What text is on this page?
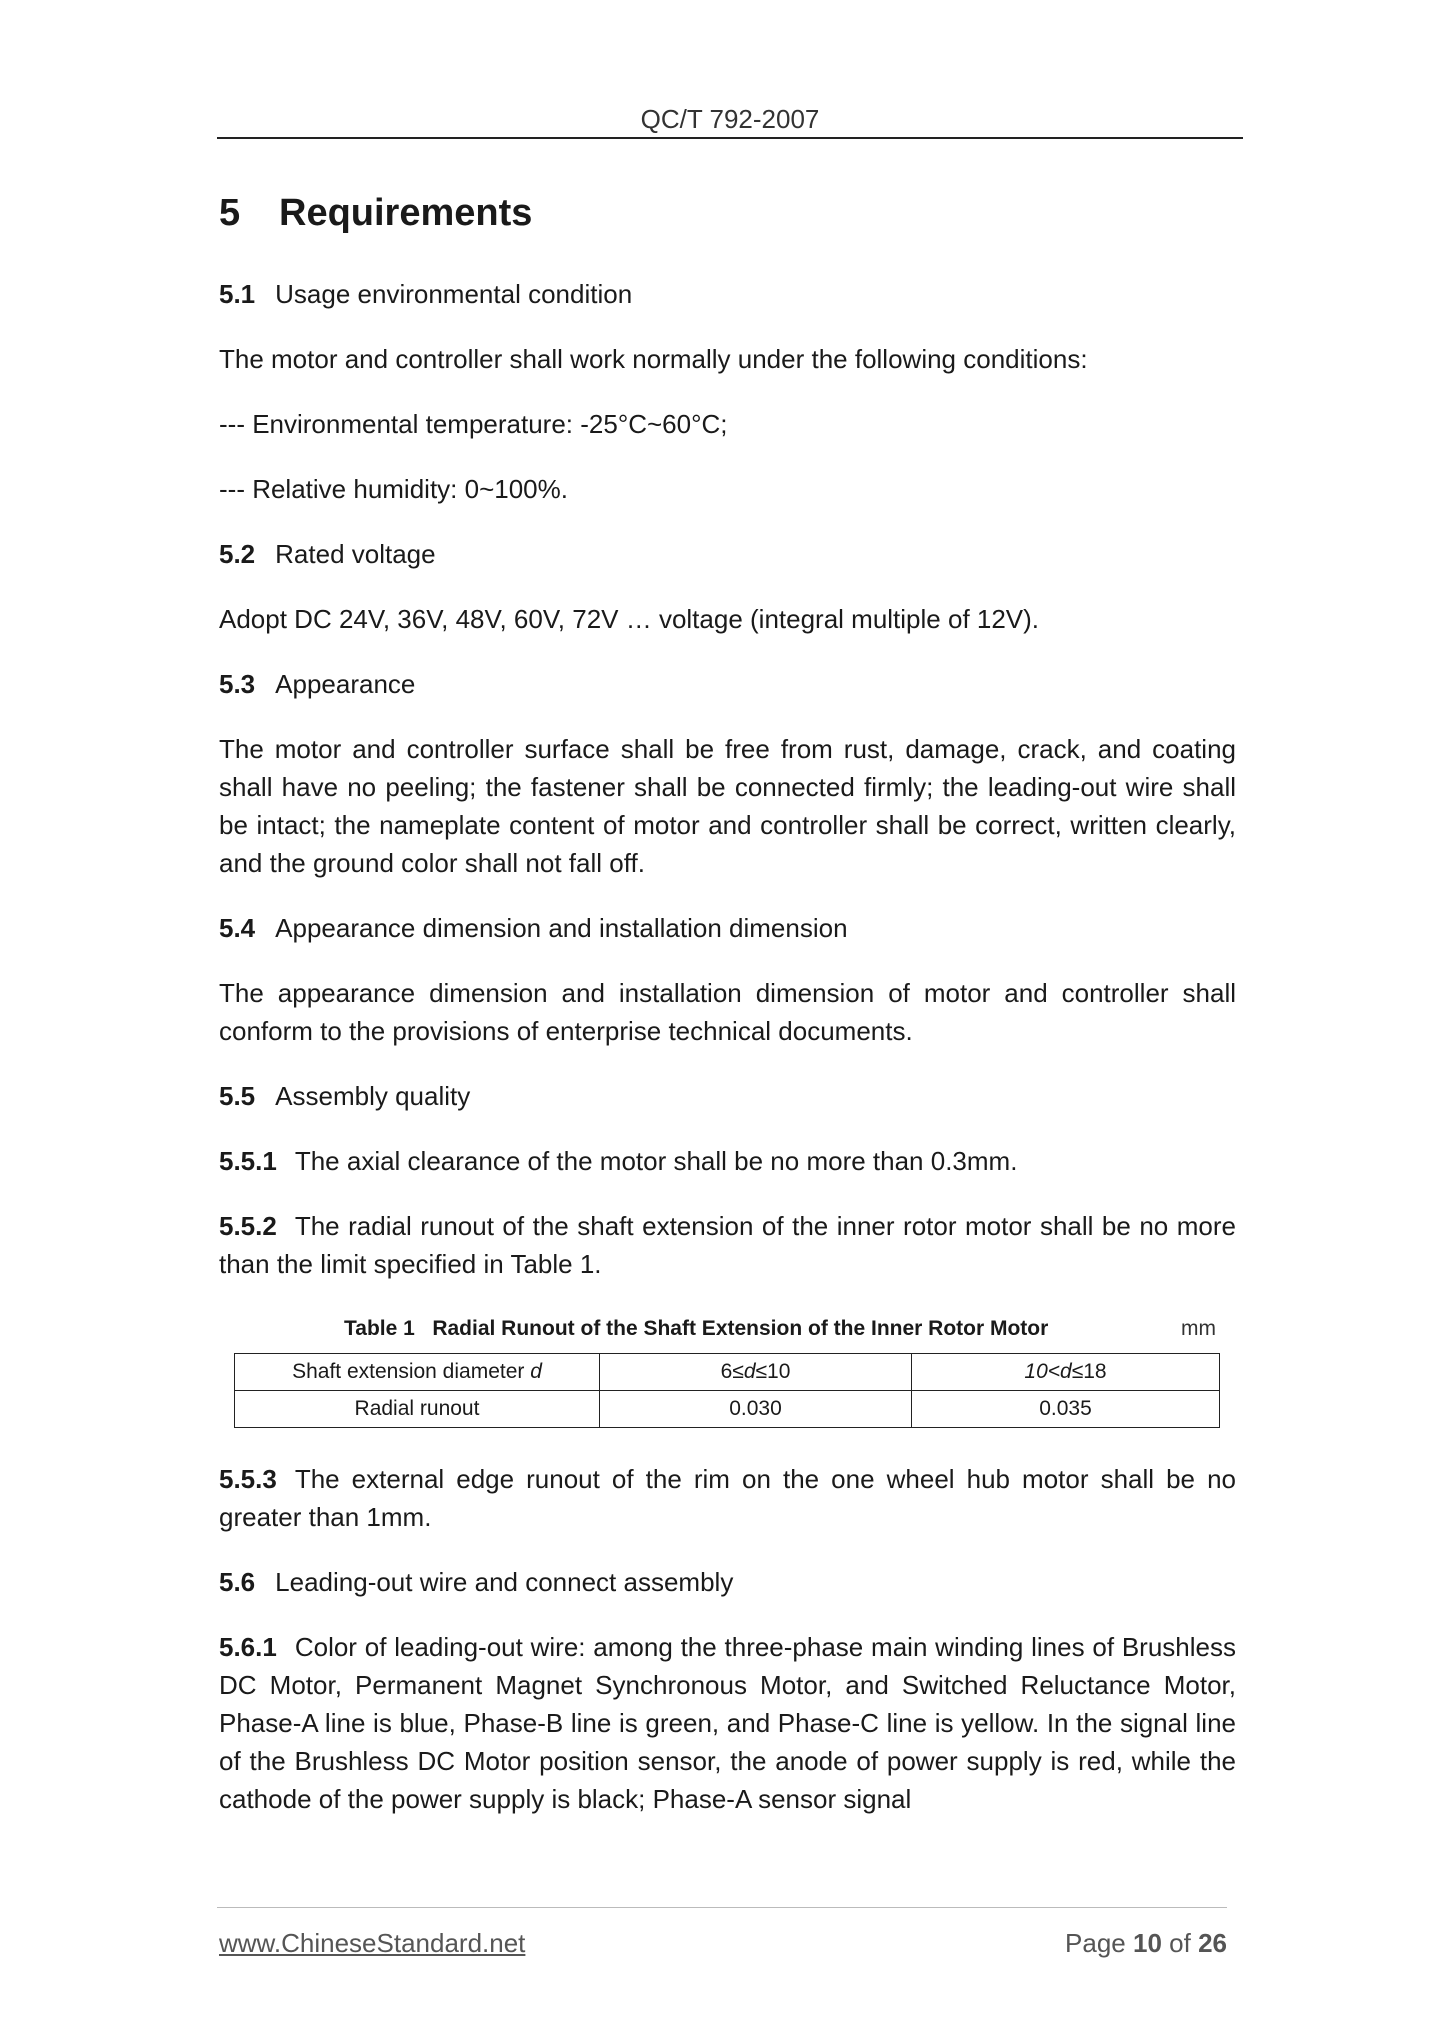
QC/T 792-2007
5 Requirements
5.1 Usage environmental condition

The motor and controller shall work normally under the following conditions:

--- Environmental temperature: -25°C~60°C;

--- Relative humidity: 0~100%.

5.2 Rated voltage

Adopt DC 24V, 36V, 48V, 60V, 72V … voltage (integral multiple of 12V).

5.3 Appearance

The motor and controller surface shall be free from rust, damage, crack, and coating shall have no peeling; the fastener shall be connected firmly; the leading-out wire shall be intact; the nameplate content of motor and controller shall be correct, written clearly, and the ground color shall not fall off.

5.4 Appearance dimension and installation dimension

The appearance dimension and installation dimension of motor and controller shall conform to the provisions of enterprise technical documents.

5.5 Assembly quality

5.5.1 The axial clearance of the motor shall be no more than 0.3mm.

5.5.2 The radial runout of the shaft extension of the inner rotor motor shall be no more than the limit specified in Table 1.

Table 1 Radial Runout of the Shaft Extension of the Inner Rotor Motor	mm
Shaft extension diameter d	6≤d≤10	10<d≤18
Radial runout	0.030	0.035

5.5.3 The external edge runout of the rim on the one wheel hub motor shall be no greater than 1mm.

5.6 Leading-out wire and connect assembly

5.6.1 Color of leading-out wire: among the three-phase main winding lines of Brushless DC Motor, Permanent Magnet Synchronous Motor, and Switched Reluctance Motor, Phase-A line is blue, Phase-B line is green, and Phase-C line is yellow. In the signal line of the Brushless DC Motor position sensor, the anode of power supply is red, while the cathode of the power supply is black; Phase-A sensor signal

www.ChineseStandard.net	Page 10 of 26
